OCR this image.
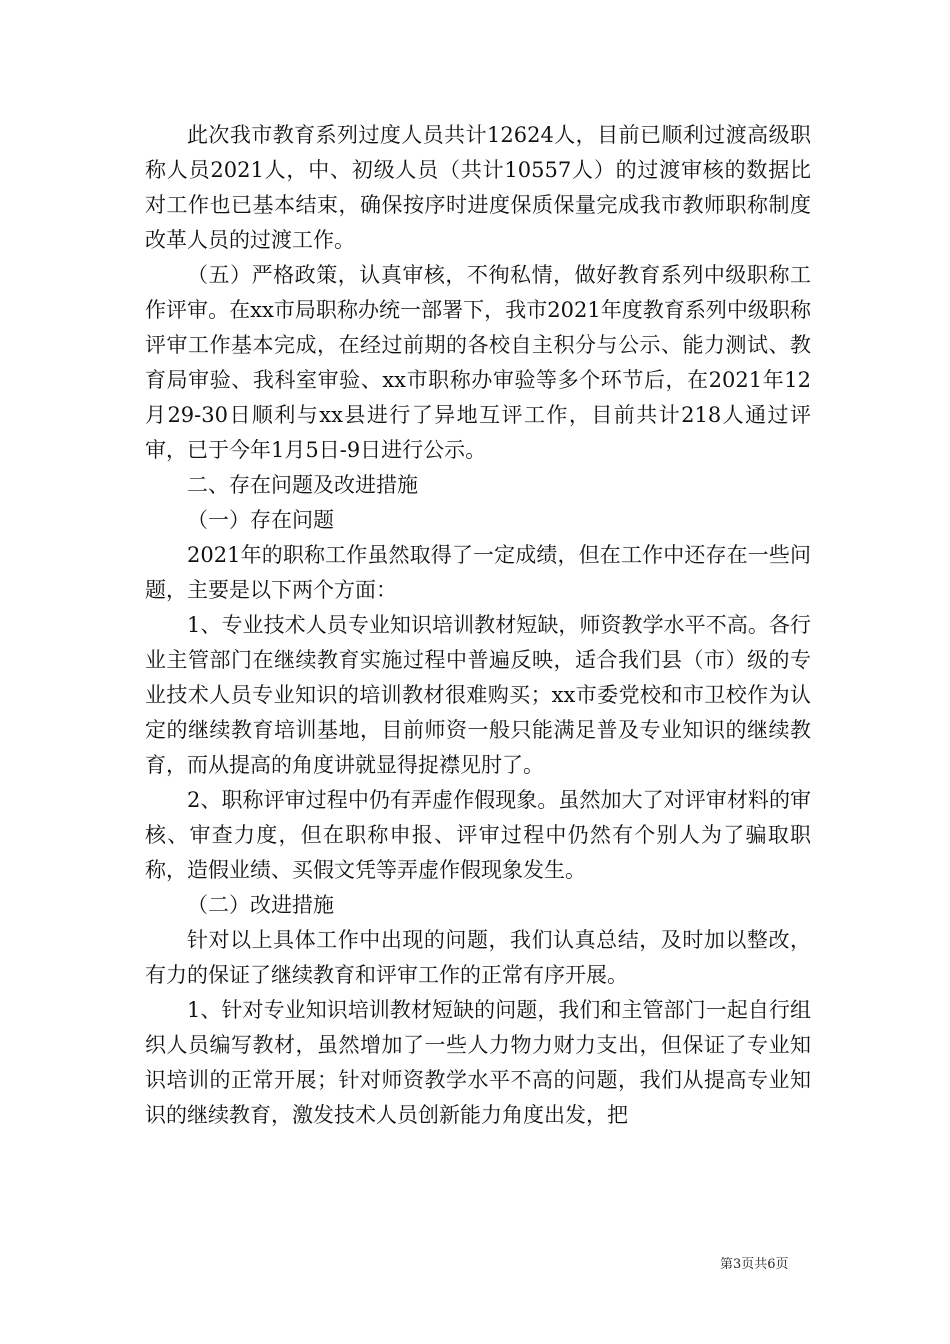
此次我市教育系列过度人员共计12624人，目前已顺利过渡高级职称人员2021人，中、初级人员（共计10557人）的过渡审核的数据比对工作也已基本结束，确保按序时进度保质保量完成我市教师职称制度改革人员的过渡工作。

（五）严格政策，认真审核，不徇私情，做好教育系列中级职称工作评审。在xx市局职称办统一部署下，我市2021年度教育系列中级职称评审工作基本完成，在经过前期的各校自主积分与公示、能力测试、教育局审验、我科室审验、xx市职称办审验等多个环节后，在2021年12月29-30日顺利与xx县进行了异地互评工作，目前共计218人通过评审，已于今年1月5日-9日进行公示。

二、存在问题及改进措施

（一）存在问题

2021年的职称工作虽然取得了一定成绩，但在工作中还存在一些问题，主要是以下两个方面：

1、专业技术人员专业知识培训教材短缺，师资教学水平不高。各行业主管部门在继续教育实施过程中普遍反映，适合我们县（市）级的专业技术人员专业知识的培训教材很难购买；xx市委党校和市卫校作为认定的继续教育培训基地，目前师资一般只能满足普及专业知识的继续教育，而从提高的角度讲就显得捉襟见肘了。

2、职称评审过程中仍有弄虚作假现象。虽然加大了对评审材料的审核、审查力度，但在职称申报、评审过程中仍然有个别人为了骗取职称，造假业绩、买假文凭等弄虚作假现象发生。

（二）改进措施

针对以上具体工作中出现的问题，我们认真总结，及时加以整改，有力的保证了继续教育和评审工作的正常有序开展。

1、针对专业知识培训教材短缺的问题，我们和主管部门一起自行组织人员编写教材，虽然增加了一些人力物力财力支出，但保证了专业知识培训的正常开展；针对师资教学水平不高的问题，我们从提高专业知识的继续教育，激发技术人员创新能力角度出发，把

第3页共6页
